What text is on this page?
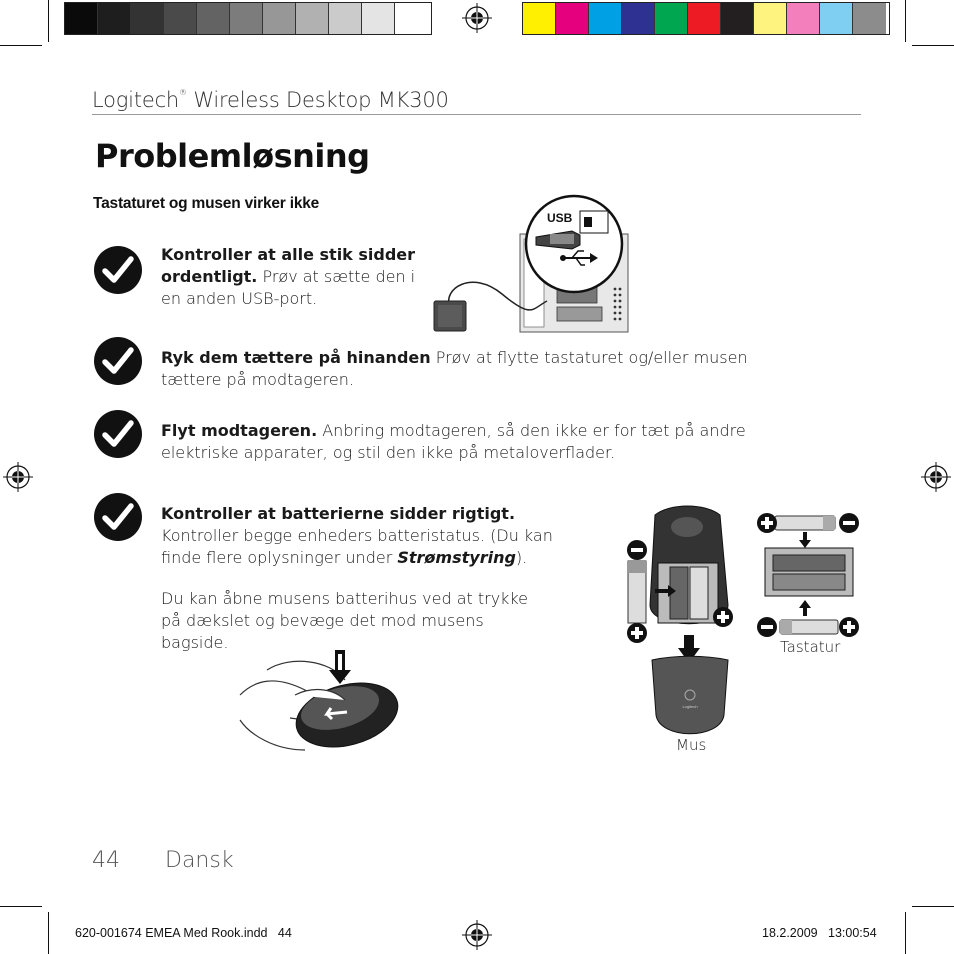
Logitech® Wireless Desktop MK300
Problemløsning
Tastaturet og musen virker ikke
Kontroller at alle stik sidder ordentligt. Prøv at sætte den i en anden USB-port.
Ryk dem tættere på hinanden Prøv at flytte tastaturet og/eller musen tættere på modtageren.
Flyt modtageren. Anbring modtageren, så den ikke er for tæt på andre elektriske apparater, og stil den ikke på metaloverflader.
Kontroller at batterierne sidder rigtigt.
Kontroller begge enheders batteristatus. (Du kan finde flere oplysninger under Strømstyring).
Du kan åbne musens batterihus ved at trykke på dækslet og bevæge det mod musens bagside.
USB
Logitech
Tastatur
Mus
44 Dansk
620-001674 EMEA Med Rook.indd   44	18.2.2009   13:00:54
